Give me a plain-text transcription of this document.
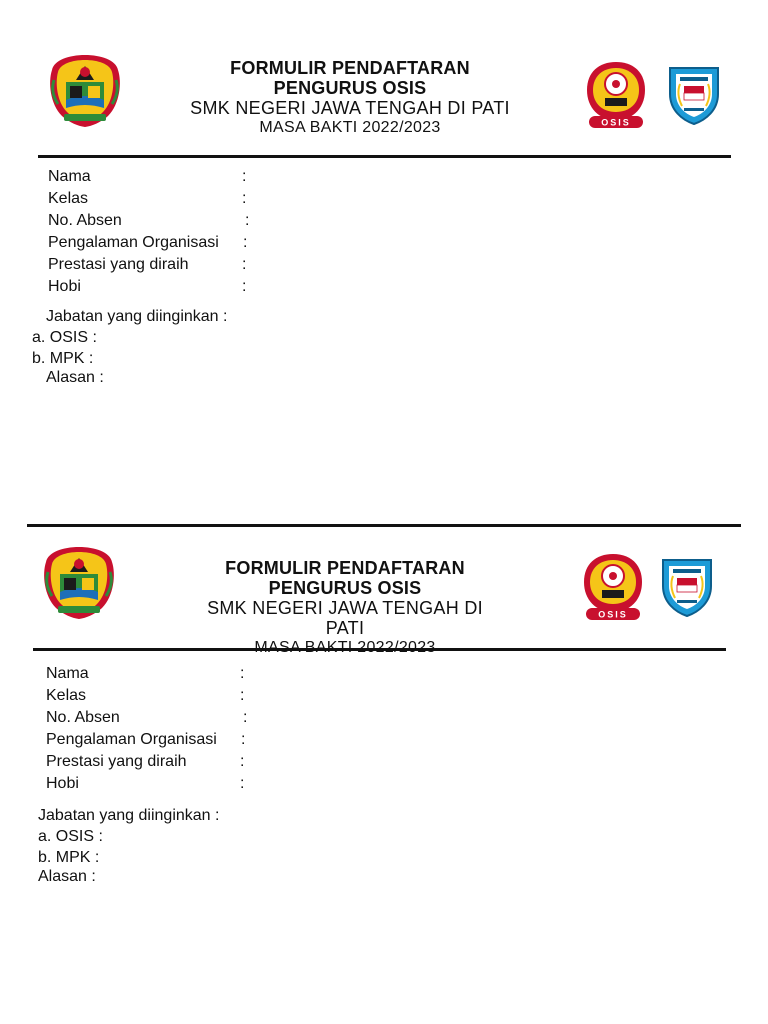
FORMULIR PENDAFTARAN
PENGURUS OSIS
SMK NEGERI JAWA TENGAH DI PATI
MASA BAKTI 2022/2023	OSIS
Nama	:
Kelas	:
No. Absen	:
Pengalaman Organisasi :
Prestasi yang diraih	:
Hobi	:
Jabatan yang diinginkan :
a. OSIS :
b. MPK :
Alasan :
FORMULIR PENDAFTARAN
PENGURUS OSIS
SMK NEGERI JAWA TENGAH DI PATI
OSIS
Nama	:
Kelas	:
No. Absen	:
Pengalaman Organisasi :
Prestasi yang diraih	:
Hobi	:
Jabatan yang diinginkan :
a. OSIS :
b. MPK :
Alasan :
